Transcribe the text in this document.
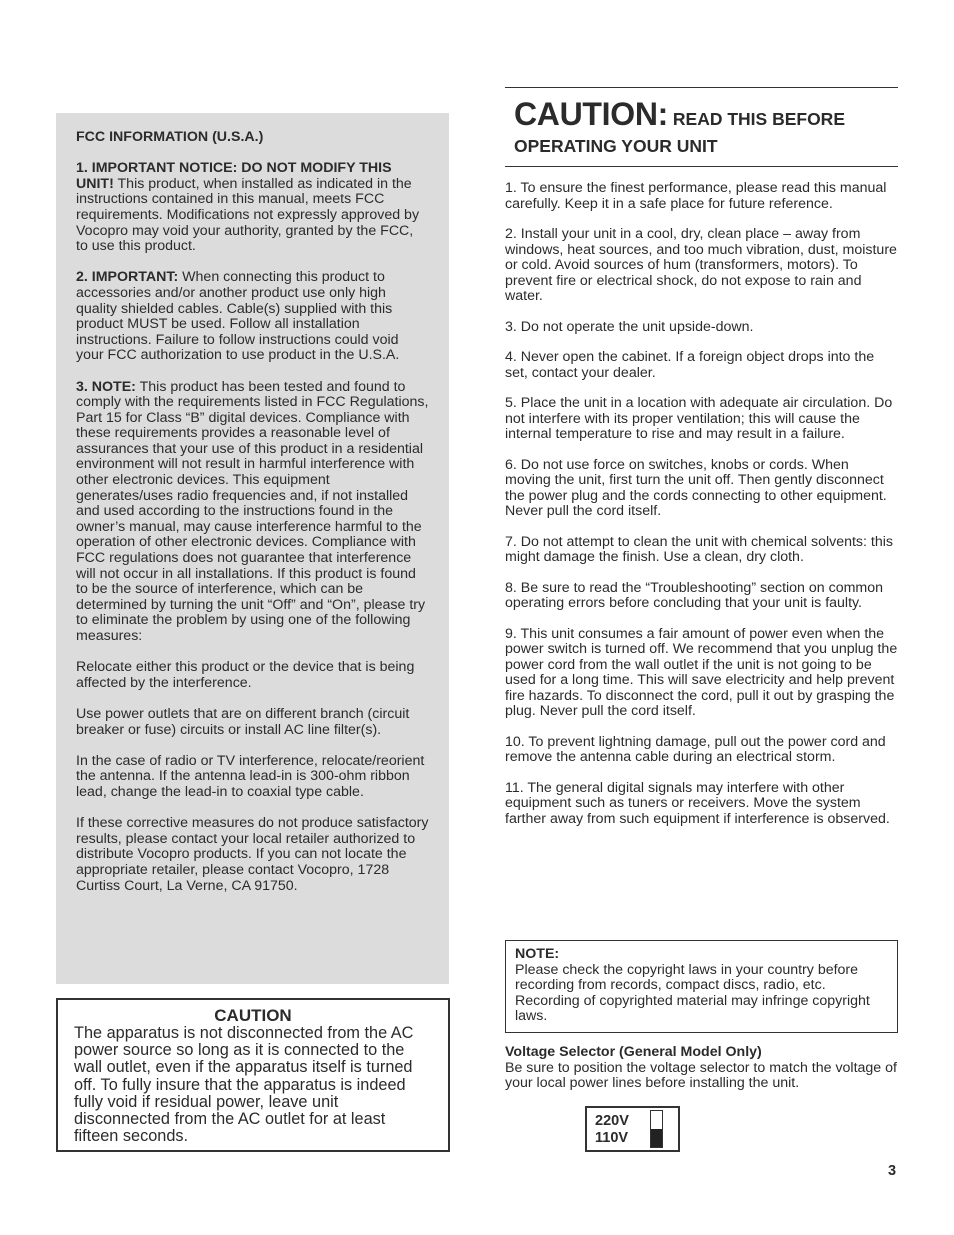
FCC INFORMATION (U.S.A.)

1. IMPORTANT NOTICE: DO NOT MODIFY THIS UNIT! This product, when installed as indicated in the instructions contained in this manual, meets FCC requirements. Modifications not expressly approved by Vocopro may void your authority, granted by the FCC, to use this product.

2. IMPORTANT: When connecting this product to accessories and/or another product use only high quality shielded cables. Cable(s) supplied with this product MUST be used. Follow all installation instructions. Failure to follow instructions could void your FCC authorization to use product in the U.S.A.

3. NOTE: This product has been tested and found to comply with the requirements listed in FCC Regulations, Part 15 for Class “B” digital devices. Compliance with these requirements provides a reasonable level of assurances that your use of this product in a residential environment will not result in harmful interference with other electronic devices. This equipment generates/uses radio frequencies and, if not installed and used according to the instructions found in the owner’s manual, may cause interference harmful to the operation of other electronic devices. Compliance with FCC regulations does not guarantee that interference will not occur in all installations. If this product is found to be the source of interference, which can be determined by turning the unit “Off” and “On”, please try to eliminate the problem by using one of the following measures:

Relocate either this product or the device that is being affected by the interference.

Use power outlets that are on different branch (circuit breaker or fuse) circuits or install AC line filter(s).

In the case of radio or TV interference, relocate/reorient the antenna. If the antenna lead-in is 300-ohm ribbon lead, change the lead-in to coaxial type cable.

If these corrective measures do not produce satisfactory results, please contact your local retailer authorized to distribute Vocopro products. If you can not locate the appropriate retailer, please contact Vocopro, 1728 Curtiss Court, La Verne, CA 91750.

CAUTION
The apparatus is not disconnected from the AC power source so long as it is connected to the wall outlet, even if the apparatus itself is turned off. To fully insure that the apparatus is indeed fully void if residual power, leave unit disconnected from the AC outlet for at least fifteen seconds.
CAUTION: READ THIS BEFORE
OPERATING YOUR UNIT

1. To ensure the finest performance, please read this manual carefully. Keep it in a safe place for future reference.

2. Install your unit in a cool, dry, clean place – away from windows, heat sources, and too much vibration, dust, moisture or cold. Avoid sources of hum (transformers, motors). To prevent fire or electrical shock, do not expose to rain and water.

3. Do not operate the unit upside-down.

4. Never open the cabinet. If a foreign object drops into the set, contact your dealer.

5. Place the unit in a location with adequate air circulation. Do not interfere with its proper ventilation; this will cause the internal temperature to rise and may result in a failure.

6. Do not use force on switches, knobs or cords. When moving the unit, first turn the unit off. Then gently disconnect the power plug and the cords connecting to other equipment. Never pull the cord itself.

7. Do not attempt to clean the unit with chemical solvents: this might damage the finish. Use a clean, dry cloth.

8. Be sure to read the “Troubleshooting” section on common operating errors before concluding that your unit is faulty.

9. This unit consumes a fair amount of power even when the power switch is turned off. We recommend that you unplug the power cord from the wall outlet if the unit is not going to be used for a long time. This will save electricity and help prevent fire hazards. To disconnect the cord, pull it out by grasping the plug. Never pull the cord itself.

10. To prevent lightning damage, pull out the power cord and remove the antenna cable during an electrical storm.

11. The general digital signals may interfere with other equipment such as tuners or receivers. Move the system farther away from such equipment if interference is observed.

NOTE:
Please check the copyright laws in your country before recording from records, compact discs, radio, etc. Recording of copyrighted material may infringe copyright laws.
Voltage Selector (General Model Only)
Be sure to position the voltage selector to match the voltage of your local power lines before installing the unit.
220V
110V
3
